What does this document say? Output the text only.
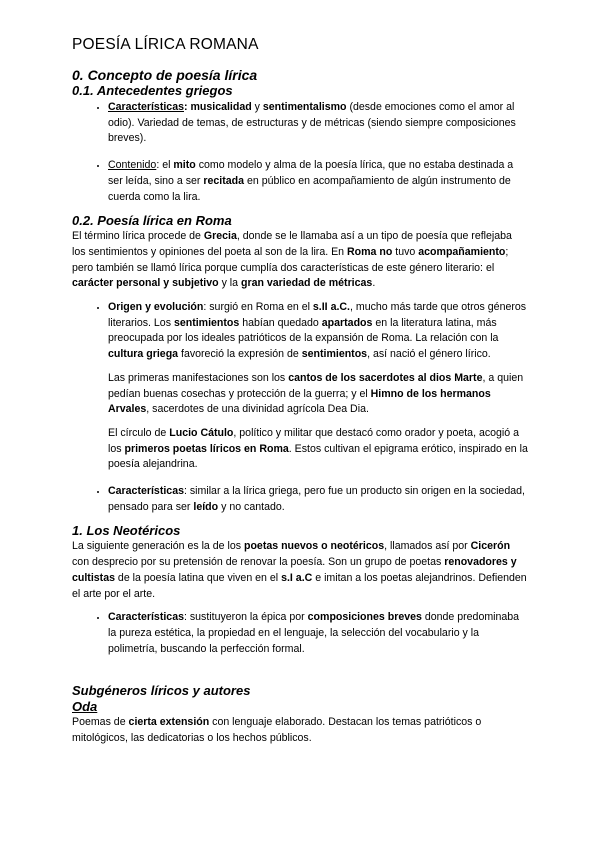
POESÍA LÍRICA ROMANA
0. Concepto de poesía lírica
0.1. Antecedentes griegos
• Características: musicalidad y sentimentalismo (desde emociones como el amor al odio). Variedad de temas, de estructuras y de métricas (siendo siempre composiciones breves).
• Contenido: el mito como modelo y alma de la poesía lírica, que no estaba destinada a ser leída, sino a ser recitada en público en acompañamiento de algún instrumento de cuerda como la lira.
0.2. Poesía lírica en Roma

El término lírica procede de Grecia, donde se le llamaba así a un tipo de poesía que reflejaba los sentimientos y opiniones del poeta al son de la lira. En Roma no tuvo acompañamiento; pero también se llamó lírica porque cumplía dos características de este género literario: el carácter personal y subjetivo y la gran variedad de métricas.

• Origen y evolución: surgió en Roma en el s.II a.C., mucho más tarde que otros géneros literarios. Los sentimientos habían quedado apartados en la literatura latina, más preocupada por los ideales patrióticos de la expansión de Roma. La relación con la cultura griega favoreció la expresión de sentimientos, así nació el género lírico.

Las primeras manifestaciones son los cantos de los sacerdotes al dios Marte, a quien pedían buenas cosechas y protección de la guerra; y el Himno de los hermanos Arvales, sacerdotes de una divinidad agrícola Dea Dia.

El círculo de Lucio Cátulo, político y militar que destacó como orador y poeta, acogió a los primeros poetas líricos en Roma. Estos cultivan el epigrama erótico, inspirado en la poesía alejandrina.

• Características: similar a la lírica griega, pero fue un producto sin origen en la sociedad, pensado para ser leído y no cantado.
1. Los Neotéricos

La siguiente generación es la de los poetas nuevos o neotéricos, llamados así por Cicerón con desprecio por su pretensión de renovar la poesía. Son un grupo de poetas renovadores y cultistas de la poesía latina que viven en el s.I a.C e imitan a los poetas alejandrinos. Defienden el arte por el arte.

• Características: sustituyeron la épica por composiciones breves donde predominaba la pureza estética, la propiedad en el lenguaje, la selección del vocabulario y la polimetría, buscando la perfección formal.
Subgéneros líricos y autores
Oda

Poemas de cierta extensión con lenguaje elaborado. Destacan los temas patrióticos o mitológicos, las dedicatorias o los hechos públicos.
